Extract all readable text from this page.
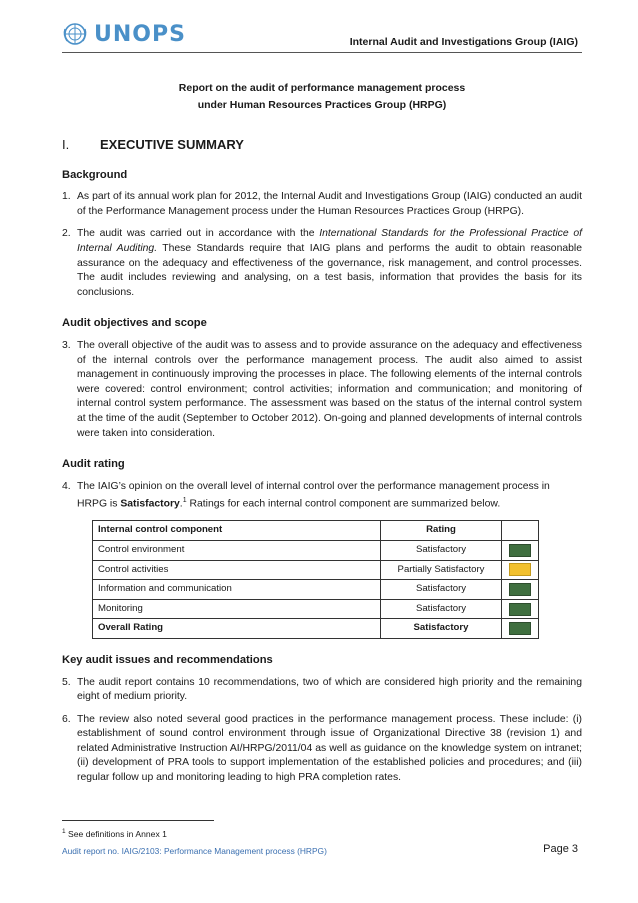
UNOPS	Internal Audit and Investigations Group (IAIG)
Report on the audit of performance management process
under Human Resources Practices Group (HRPG)
I.	EXECUTIVE SUMMARY
Background
1. As part of its annual work plan for 2012, the Internal Audit and Investigations Group (IAIG) conducted an audit of the Performance Management process under the Human Resources Practices Group (HRPG).
2. The audit was carried out in accordance with the International Standards for the Professional Practice of Internal Auditing. These Standards require that IAIG plans and performs the audit to obtain reasonable assurance on the adequacy and effectiveness of the governance, risk management, and control processes. The audit includes reviewing and analysing, on a test basis, information that provides the basis for its conclusions.
Audit objectives and scope
3. The overall objective of the audit was to assess and to provide assurance on the adequacy and effectiveness of the internal controls over the performance management process. The audit also aimed to assist management in continuously improving the processes in place. The following elements of the internal controls were covered: control environment; control activities; information and communication; and monitoring of internal control system performance. The assessment was based on the status of the internal control system at the time of the audit (September to October 2012). On-going and planned developments of internal controls were taken into consideration.
Audit rating
4. The IAIG’s opinion on the overall level of internal control over the performance management process in HRPG is Satisfactory.$^1$ Ratings for each internal control component are summarized below.
Internal control component	Rating	
Control environment	Satisfactory	

Control activities	Partially Satisfactory	

Information and communication	Satisfactory	

Monitoring	Satisfactory	

Overall Rating	Satisfactory	
Key audit issues and recommendations
5. The audit report contains 10 recommendations, two of which are considered high priority and the remaining eight of medium priority.
6. The review also noted several good practices in the performance management process. These include: (i) establishment of sound control environment through issue of Organizational Directive 38 (revision 1) and related Administrative Instruction AI/HRPG/2011/04 as well as guidance on the knowledge system on intranet; (ii) development of PRA tools to support implementation of the established policies and procedures; and (iii) regular follow up and monitoring leading to high PRA completion rates.
$^1$ See definitions in Annex 1
Audit report no. IAIG/2103: Performance Management process (HRPG)	Page 3
